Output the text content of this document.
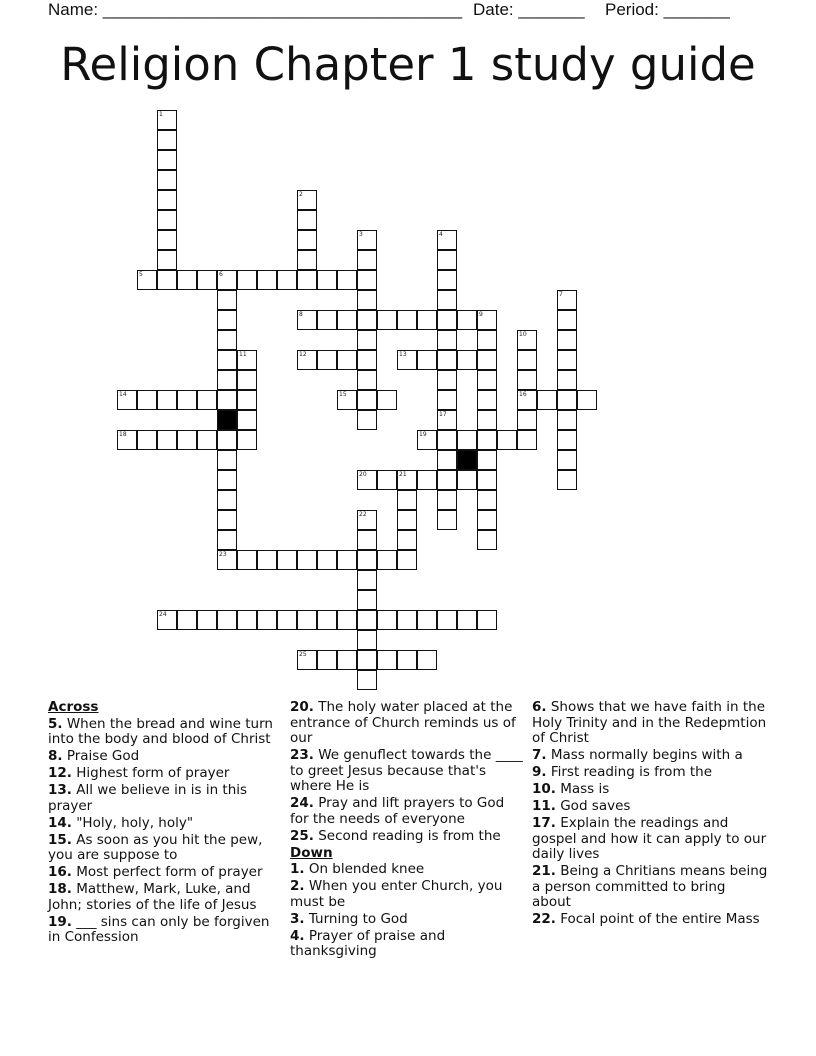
Name: ______________________________________ Date: _______ Period: _______
Religion Chapter 1 study guide
1
2
3	4
5	6
7
8	9
10
11	12	13
14	15	16
17
18	19
20	21
22
23
24
25
Across
5. When the bread and wine turn into the body and blood of Christ
8. Praise God
12. Highest form of prayer
13. All we believe in is in this prayer
14. "Holy, holy, holy"
15. As soon as you hit the pew, you are suppose to
16. Most perfect form of prayer
18. Matthew, Mark, Luke, and John; stories of the life of Jesus
19. ___ sins can only be forgiven in Confession
20. The holy water placed at the entrance of Church reminds us of our
23. We genuflect towards the ____ to greet Jesus because that's where He is
24. Pray and lift prayers to God for the needs of everyone
25. Second reading is from the
Down
1. On blended knee
2. When you enter Church, you must be
3. Turning to God
4. Prayer of praise and thanksgiving
6. Shows that we have faith in the Holy Trinity and in the Redepmtion of Christ
7. Mass normally begins with a
9. First reading is from the
10. Mass is
11. God saves
17. Explain the readings and gospel and how it can apply to our daily lives
21. Being a Chritians means being a person committed to bring about
22. Focal point of the entire Mass
